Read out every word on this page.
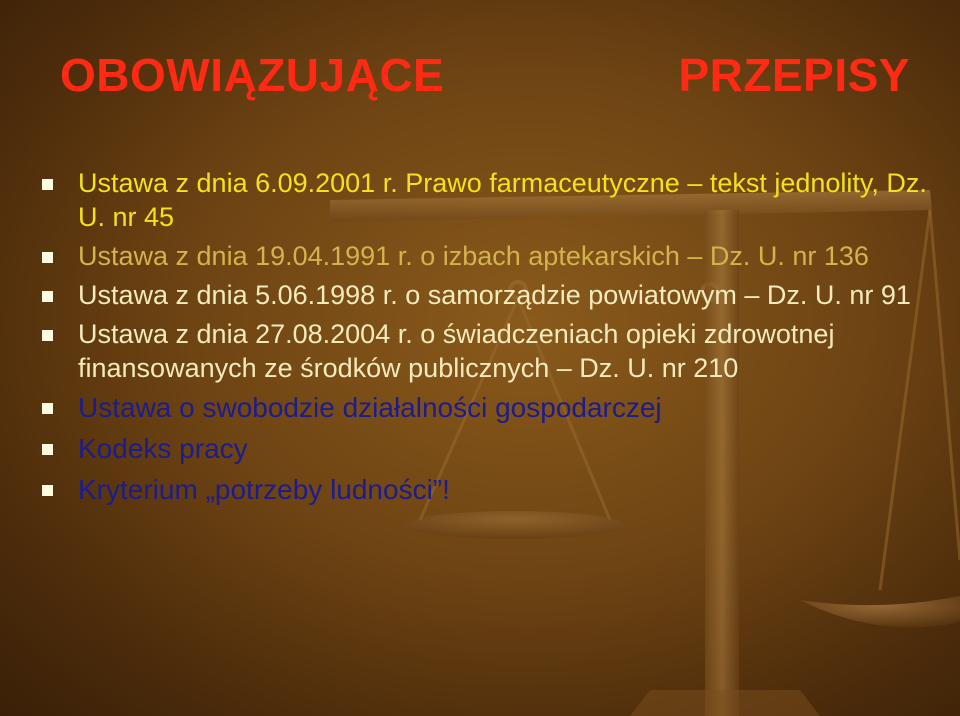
OBOWIĄZUJĄCE	PRZEPISY
Ustawa z dnia 6.09.2001 r. Prawo farmaceutyczne – tekst jednolity, Dz. U. nr 45
Ustawa z dnia 19.04.1991 r. o izbach aptekarskich – Dz. U. nr 136
Ustawa z dnia 5.06.1998 r. o samorządzie powiatowym – Dz. U. nr 91
Ustawa z dnia 27.08.2004 r. o świadczeniach opieki zdrowotnej finansowanych ze środków publicznych – Dz. U. nr 210
Ustawa o swobodzie działalności gospodarczej
Kodeks pracy
Kryterium „potrzeby ludności”!
